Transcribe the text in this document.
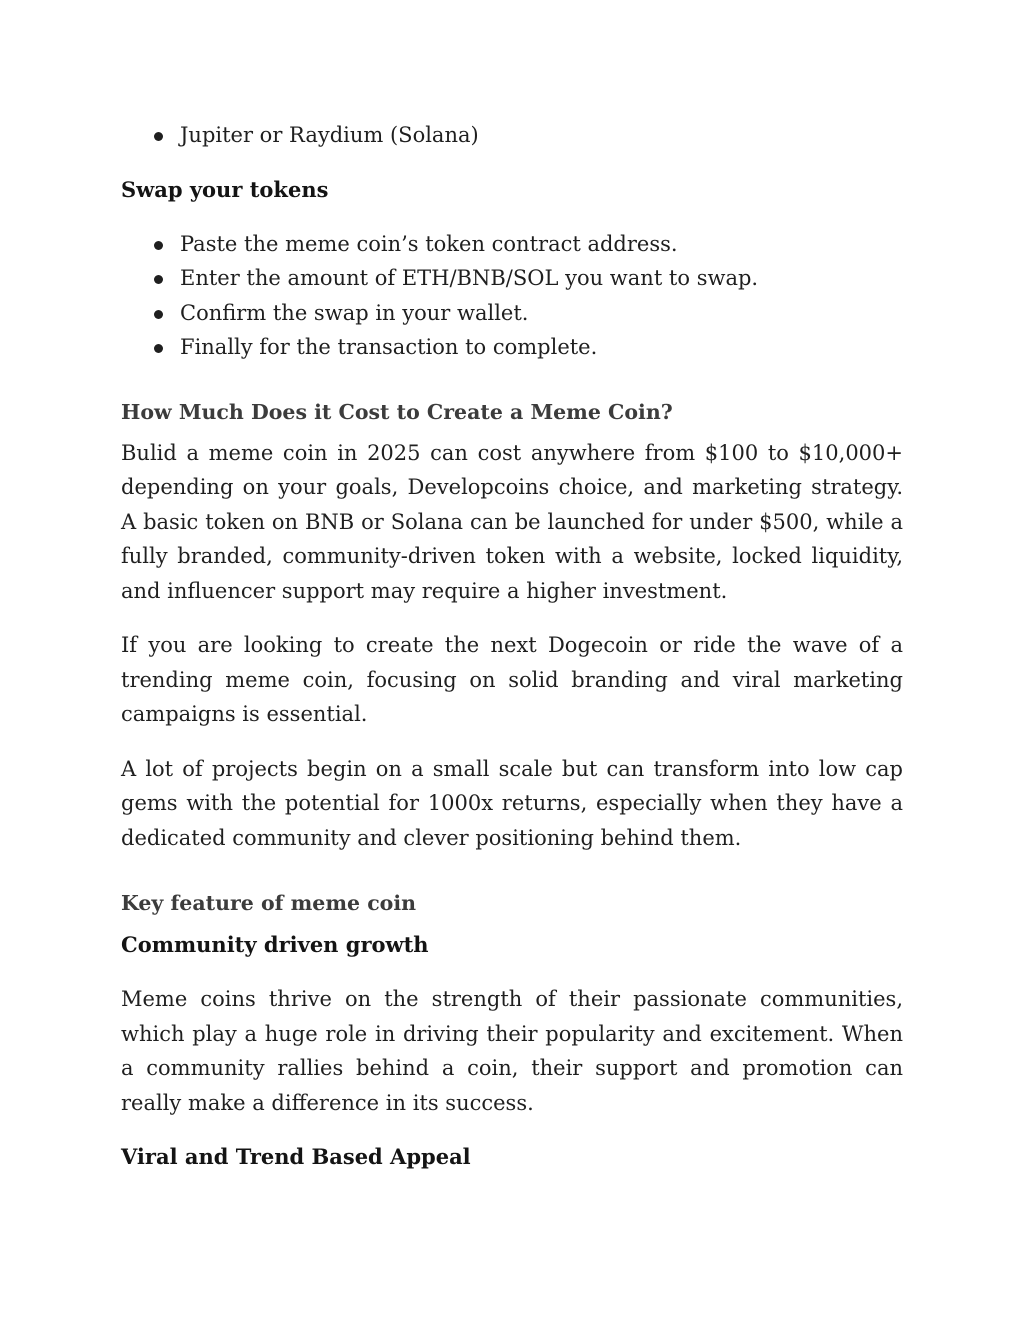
Jupiter or Raydium (Solana)
Swap your tokens
Paste the meme coin’s token contract address.
Enter the amount of ETH/BNB/SOL you want to swap.
Confirm the swap in your wallet.
Finally for the transaction to complete.
How Much Does it Cost to Create a Meme Coin?

Bulid a meme coin in 2025 can cost anywhere from $100 to $10,000+ depending on your goals, Developcoins choice, and marketing strategy. A basic token on BNB or Solana can be launched for under $500, while a fully branded, community-driven token with a website, locked liquidity, and influencer support may require a higher investment.

If you are looking to create the next Dogecoin or ride the wave of a trending meme coin, focusing on solid branding and viral marketing campaigns is essential.

A lot of projects begin on a small scale but can transform into low cap gems with the potential for 1000x returns, especially when they have a dedicated community and clever positioning behind them.

Key feature of meme coin
Community driven growth

Meme coins thrive on the strength of their passionate communities, which play a huge role in driving their popularity and excitement. When a community rallies behind a coin, their support and promotion can really make a difference in its success.

Viral and Trend Based Appeal
